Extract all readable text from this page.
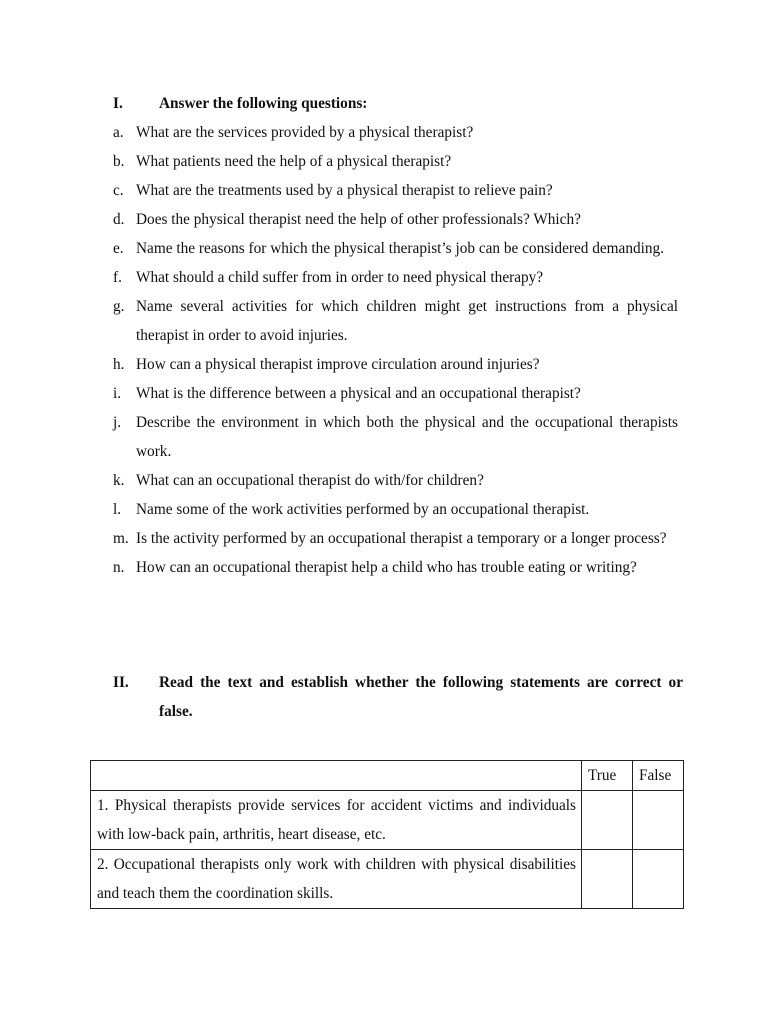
I. Answer the following questions:
a. What are the services provided by a physical therapist?
b. What patients need the help of a physical therapist?
c. What are the treatments used by a physical therapist to relieve pain?
d. Does the physical therapist need the help of other professionals? Which?
e. Name the reasons for which the physical therapist’s job can be considered demanding.
f. What should a child suffer from in order to need physical therapy?
g. Name several activities for which children might get instructions from a physical therapist in order to avoid injuries.
h. How can a physical therapist improve circulation around injuries?
i. What is the difference between a physical and an occupational therapist?
j. Describe the environment in which both the physical and the occupational therapists work.
k. What can an occupational therapist do with/for children?
l. Name some of the work activities performed by an occupational therapist.
m. Is the activity performed by an occupational therapist a temporary or a longer process?
n. How can an occupational therapist help a child who has trouble eating or writing?
II. Read the text and establish whether the following statements are correct or false.
	True	False
1. Physical therapists provide services for accident victims and individuals with low-back pain, arthritis, heart disease, etc.		
2. Occupational therapists only work with children with physical disabilities and teach them the coordination skills.		
